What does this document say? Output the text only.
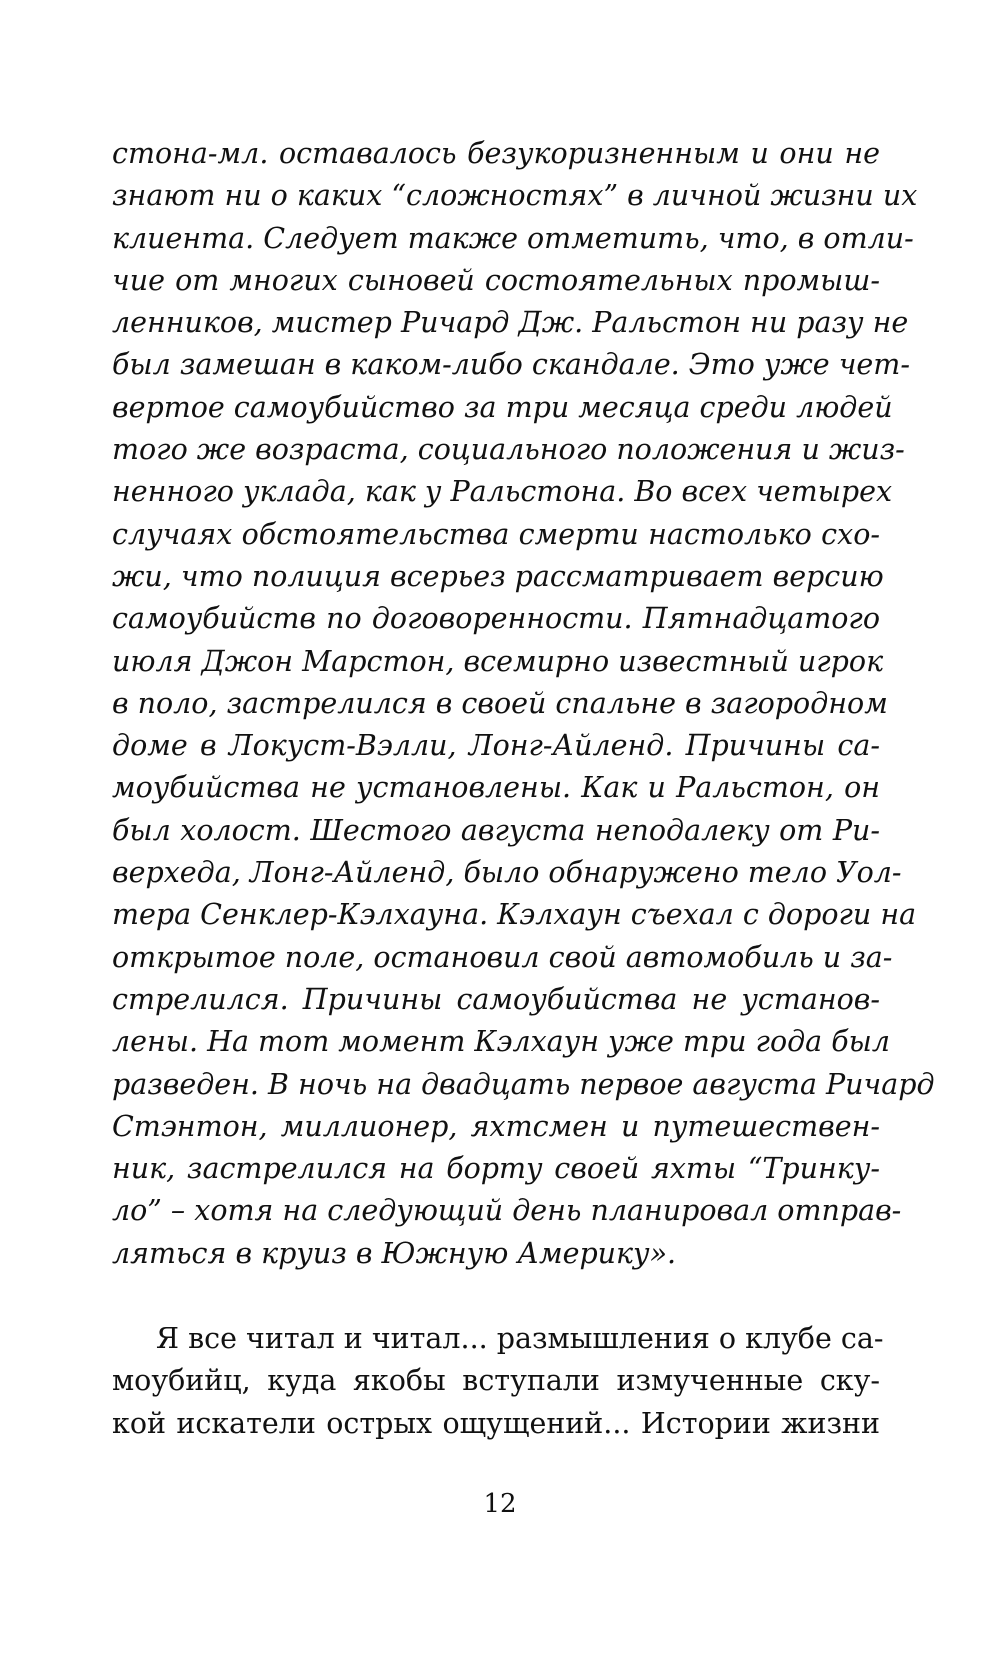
стона-мл. оставалось безукоризненным и они не
знают ни о каких “сложностях” в личной жизни их
клиента. Следует также отметить, что, в отли-
чие от многих сыновей состоятельных промыш-
ленников, мистер Ричард Дж. Ральстон ни разу не
был замешан в каком-либо скандале. Это уже чет-
вертое самоубийство за три месяца среди людей
того же возраста, социального положения и жиз-
ненного уклада, как у Ральстона. Во всех четырех
случаях обстоятельства смерти настолько схо-
жи, что полиция всерьез рассматривает версию
самоубийств по договоренности. Пятнадцатого
июля Джон Марстон, всемирно известный игрок
в поло, застрелился в своей спальне в загородном
доме в Локуст-Вэлли, Лонг-Айленд. Причины са-
моубийства не установлены. Как и Ральстон, он
был холост. Шестого августа неподалеку от Ри-
верхеда, Лонг-Айленд, было обнаружено тело Уол-
тера Сенклер-Кэлхауна. Кэлхаун съехал с дороги на
открытое поле, остановил свой автомобиль и за-
стрелился. Причины самоубийства не установ-
лены. На тот момент Кэлхаун уже три года был
разведен. В ночь на двадцать первое августа Ричард
Стэнтон, миллионер, яхтсмен и путешествен-
ник, застрелился на борту своей яхты “Тринку-
ло” – хотя на следующий день планировал отправ-
ляться в круиз в Южную Америку».
Я все читал и читал... размышления о клубе са-
моубийц, куда якобы вступали измученные ску-
кой искатели острых ощущений... Истории жизни
12
